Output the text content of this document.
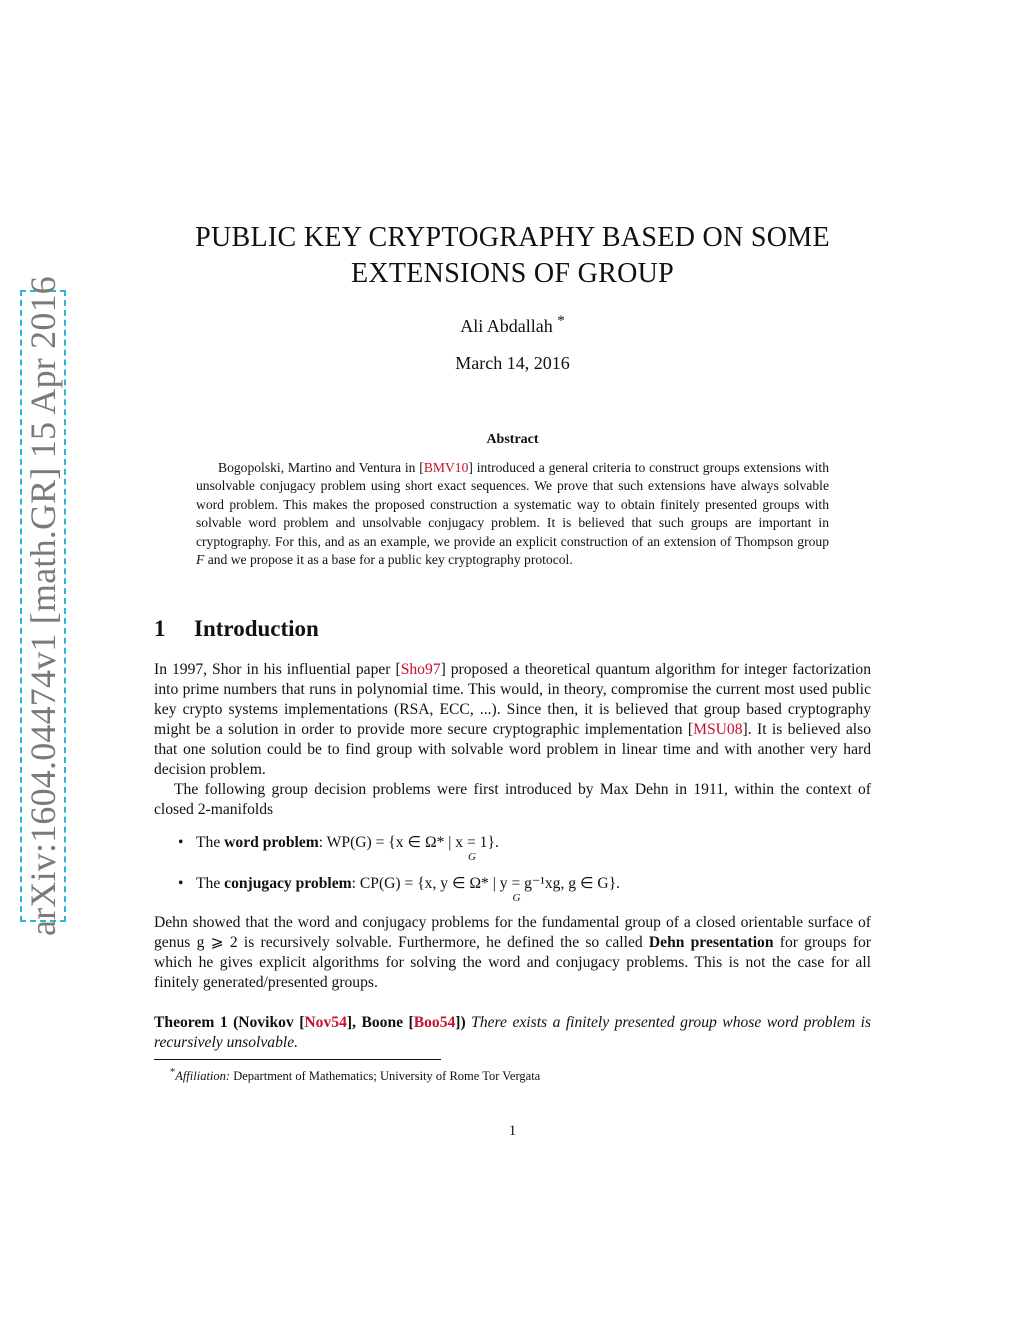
arXiv:1604.04474v1 [math.GR] 15 Apr 2016
PUBLIC KEY CRYPTOGRAPHY BASED ON SOME
EXTENSIONS OF GROUP
Ali Abdallah *
March 14, 2016
Abstract
Bogopolski, Martino and Ventura in [BMV10] introduced a general criteria to construct groups extensions with unsolvable conjugacy problem using short exact sequences. We prove that such extensions have always solvable word problem. This makes the proposed construction a systematic way to obtain finitely presented groups with solvable word problem and unsolvable conjugacy problem. It is believed that such groups are important in cryptography. For this, and as an example, we provide an explicit construction of an extension of Thompson group F and we propose it as a base for a public key cryptography protocol.
1 Introduction
In 1997, Shor in his influential paper [Sho97] proposed a theoretical quantum algorithm for integer factorization into prime numbers that runs in polynomial time. This would, in theory, compromise the current most used public key crypto systems implementations (RSA, ECC, ...). Since then, it is believed that group based cryptography might be a solution in order to provide more secure cryptographic implementation [MSU08]. It is believed also that one solution could be to find group with solvable word problem in linear time and with another very hard decision problem.
The following group decision problems were first introduced by Max Dehn in 1911, within the context of closed 2-manifolds
• The word problem: WP(G) = {x ∈ Ω* | x =
G
1}.
• The conjugacy problem: CP(G) = {x, y ∈ Ω* | y =
G
g⁻¹xg, g ∈ G}.
Dehn showed that the word and conjugacy problems for the fundamental group of a closed orientable surface of genus g ⩾ 2 is recursively solvable. Furthermore, he defined the so called Dehn presentation for groups for which he gives explicit algorithms for solving the word and conjugacy problems. This is not the case for all finitely generated/presented groups.
Theorem 1 (Novikov [Nov54], Boone [Boo54]) There exists a finitely presented group whose word problem is recursively unsolvable.
*Affiliation: Department of Mathematics; University of Rome Tor Vergata
1
